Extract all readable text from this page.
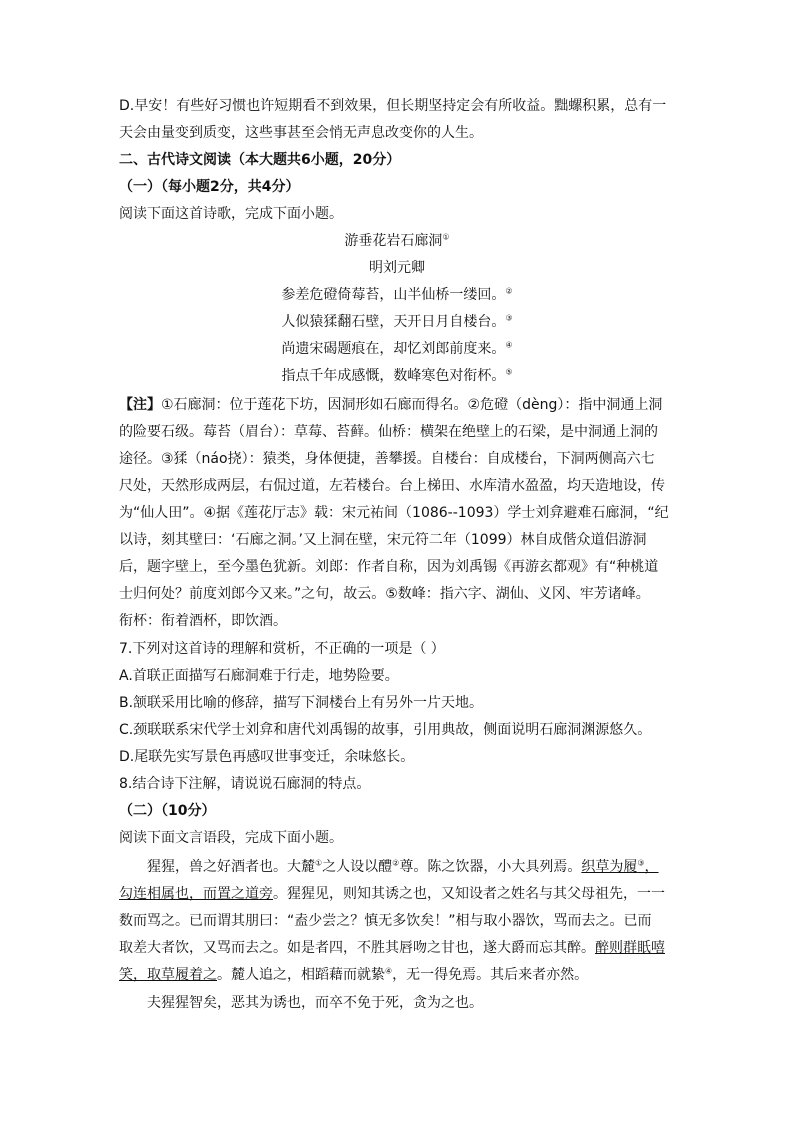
D.早安！有些好习惯也许短期看不到效果，但长期坚持定会有所收益。黜螺积累，总有一
天会由量变到质变，这些事甚至会悄无声息改变你的人生。
二、古代诗文阅读（本大题共6小题，20分）
（一）（每小题2分，共4分）
阅读下面这首诗歌，完成下面小题。
游垂花岩石廊洞①
明刘元卿
参差危磴倚莓苔，山半仙桥一缕回。②
人似猿猱翻石壁，天开日月自楼台。③
尚遗宋碣题痕在，却忆刘郎前度来。④
指点千年成感慨，数峰寒色对衔杯。⑤
【注】①石廊洞：位于莲花下坊，因洞形如石廊而得名。②危磴（dèng）：指中洞通上洞
的险要石级。莓苔（眉台）：草莓、苔藓。仙桥：横架在绝壁上的石梁，是中洞通上洞的
途径。③猱（náo挠）：猿类，身体便捷，善攀援。自楼台：自成楼台，下洞两侧高六七
尺处，天然形成两层，右侃过道，左若楼台。台上梯田、水库清水盈盈，均天造地设，传
为“仙人田”。④据《莲花厅志》载：宋元祐间（1086--1093）学士刘弇避难石廊洞，“纪
以诗，刻其壁曰：‘石廊之洞。’又上洞在壁，宋元符二年（1099）林自成偕众道侣游洞
后，题字壁上，至今墨色犹新。刘郎：作者自称，因为刘禹锡《再游玄都观》有“种桃道
士归何处？前度刘郎今又来。”之句，故云。⑤数峰：指六字、湖仙、义冈、牢芳诸峰。
衔杯：衔着酒杯，即饮酒。
7.下列对这首诗的理解和赏析，不正确的一项是（ ）
A.首联正面描写石廊洞难于行走，地势险要。
B.颔联采用比喻的修辞，描写下洞楼台上有另外一片天地。
C.颈联联系宋代学士刘弇和唐代刘禹锡的故事，引用典故，侧面说明石廊洞渊源悠久。
D.尾联先实写景色再感叹世事变迁，余味悠长。
8.结合诗下注解，请说说石廊洞的特点。
（二）（10分）
阅读下面文言语段，完成下面小题。
猩猩，兽之好酒者也。大麓①之人设以醴②尊。陈之饮器，小大具列焉。织草为履③，
勾连相属也，而置之道旁。猩猩见，则知其诱之也，又知设者之姓名与其父母祖先，一一
数而骂之。已而谓其朋曰：“盍少尝之？慎无多饮矣！”相与取小器饮，骂而去之。已而
取差大者饮，又骂而去之。如是者四，不胜其唇吻之甘也，遂大爵而忘其醉。醉则群眂嘻
笑，取草履着之。麓人追之，相蹈藉而就絷④，无一得免焉。其后来者亦然。
夫猩猩智矣，恶其为诱也，而卒不免于死，贪为之也。
